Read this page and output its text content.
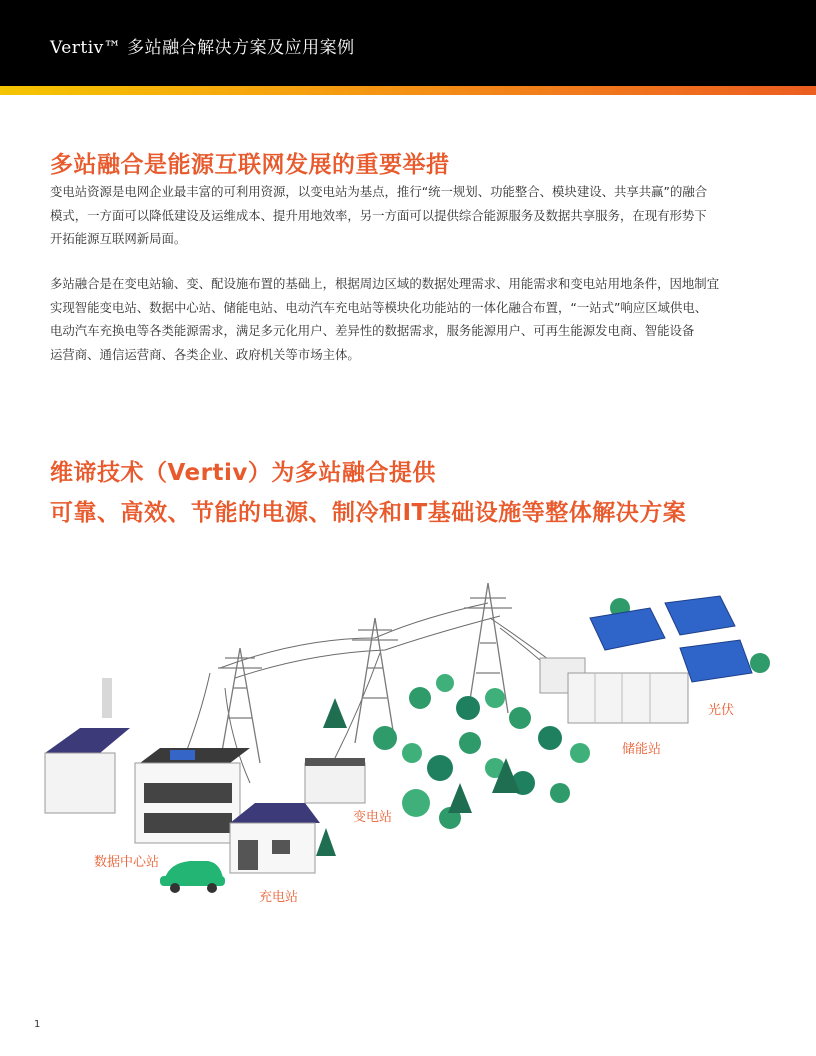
Vertiv™ 多站融合解决方案及应用案例
多站融合是能源互联网发展的重要举措
变电站资源是电网企业最丰富的可利用资源，以变电站为基点，推行“统一规划、功能整合、模块建设、共享共赢”的融合
模式，一方面可以降低建设及运维成本、提升用地效率，另一方面可以提供综合能源服务及数据共享服务，在现有形势下
开拓能源互联网新局面。
多站融合是在变电站输、变、配设施布置的基础上，根据周边区域的数据处理需求、用能需求和变电站用地条件，因地制宜
实现智能变电站、数据中心站、储能电站、电动汽车充电站等模块化功能站的一体化融合布置，“一站式”响应区域供电、
电动汽车充换电等各类能源需求，满足多元化用户、差异性的数据需求，服务能源用户、可再生能源发电商、智能设备
运营商、通信运营商、各类企业、政府机关等市场主体。
维谛技术（Vertiv）为多站融合提供
可靠、高效、节能的电源、制冷和IT基础设施等整体解决方案
光伏
储能站
变电站
数据中心站
充电站
1
